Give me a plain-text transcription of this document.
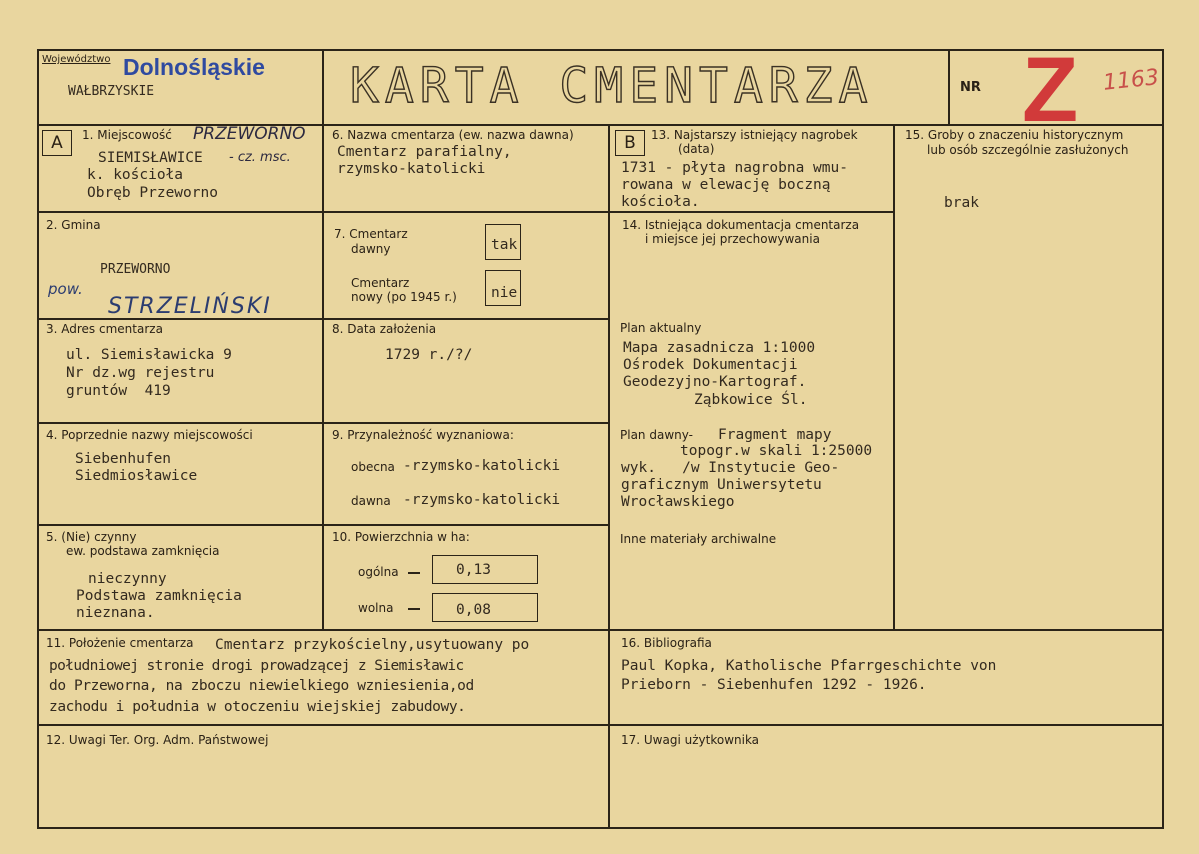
Województwo Dolnośląskie
WAŁBRZYSKIE	KARTA CMENTARZA	NR Z 1163
A	B
1. Miejscowość PRZEWORNO
SIEMISŁAWICE - cz. msc.
k. kościoła
Obręb Przeworno
2. Gmina
PRZEWORNO
pow.
STRZELIŃSKI
3. Adres cmentarza
ul. Siemisławicka 9
Nr dz.wg rejestru
gruntów  419
4. Poprzednie nazwy miejscowości
Siebenhufen
Siedmiosławice
5. (Nie) czynny
ew. podstawa zamknięcia
nieczynny
Podstawa zamknięcia
nieznana.
6. Nazwa cmentarza (ew. nazwa dawna)
Cmentarz parafialny,
rzymsko-katolicki
7. Cmentarz
dawny	tak
Cmentarz
nowy (po 1945 r.) nie
8. Data założenia
1729 r./?/
9. Przynależność wyznaniowa:
obecna -rzymsko-katolicki
dawna -rzymsko-katolicki
10. Powierzchnia w ha:
ogólna	0,13
wolna	0,08
11. Położenie cmentarza Cmentarz przykościelny,usytuowany po
południowej stronie drogi prowadzącej z Siemisławic
do Przeworna, na zboczu niewielkiego wzniesienia,od
zachodu i południa w otoczeniu wiejskiej zabudowy.
12. Uwagi Ter. Org. Adm. Państwowej
13. Najstarszy istniejący nagrobek
(data)
1731 - płyta nagrobna wmu-
rowana w elewację boczną
kościoła.
14. Istniejąca dokumentacja cmentarza
i miejsce jej przechowywania
Plan aktualny
Mapa zasadnicza 1:1000
Ośrodek Dokumentacji
Geodezyjno-Kartograf.
Ząbkowice Śl.
Plan dawny- Fragment mapy
topogr.w skali 1:25000
wyk.   /w Instytucie Geo-
graficznym Uniwersytetu
Wrocławskiego
Inne materiały archiwalne
15. Groby o znaczeniu historycznym
lub osób szczególnie zasłużonych
brak
16. Bibliografia
Paul Kopka, Katholische Pfarrgeschichte von
Prieborn - Siebenhufen 1292 - 1926.
17. Uwagi użytkownika
